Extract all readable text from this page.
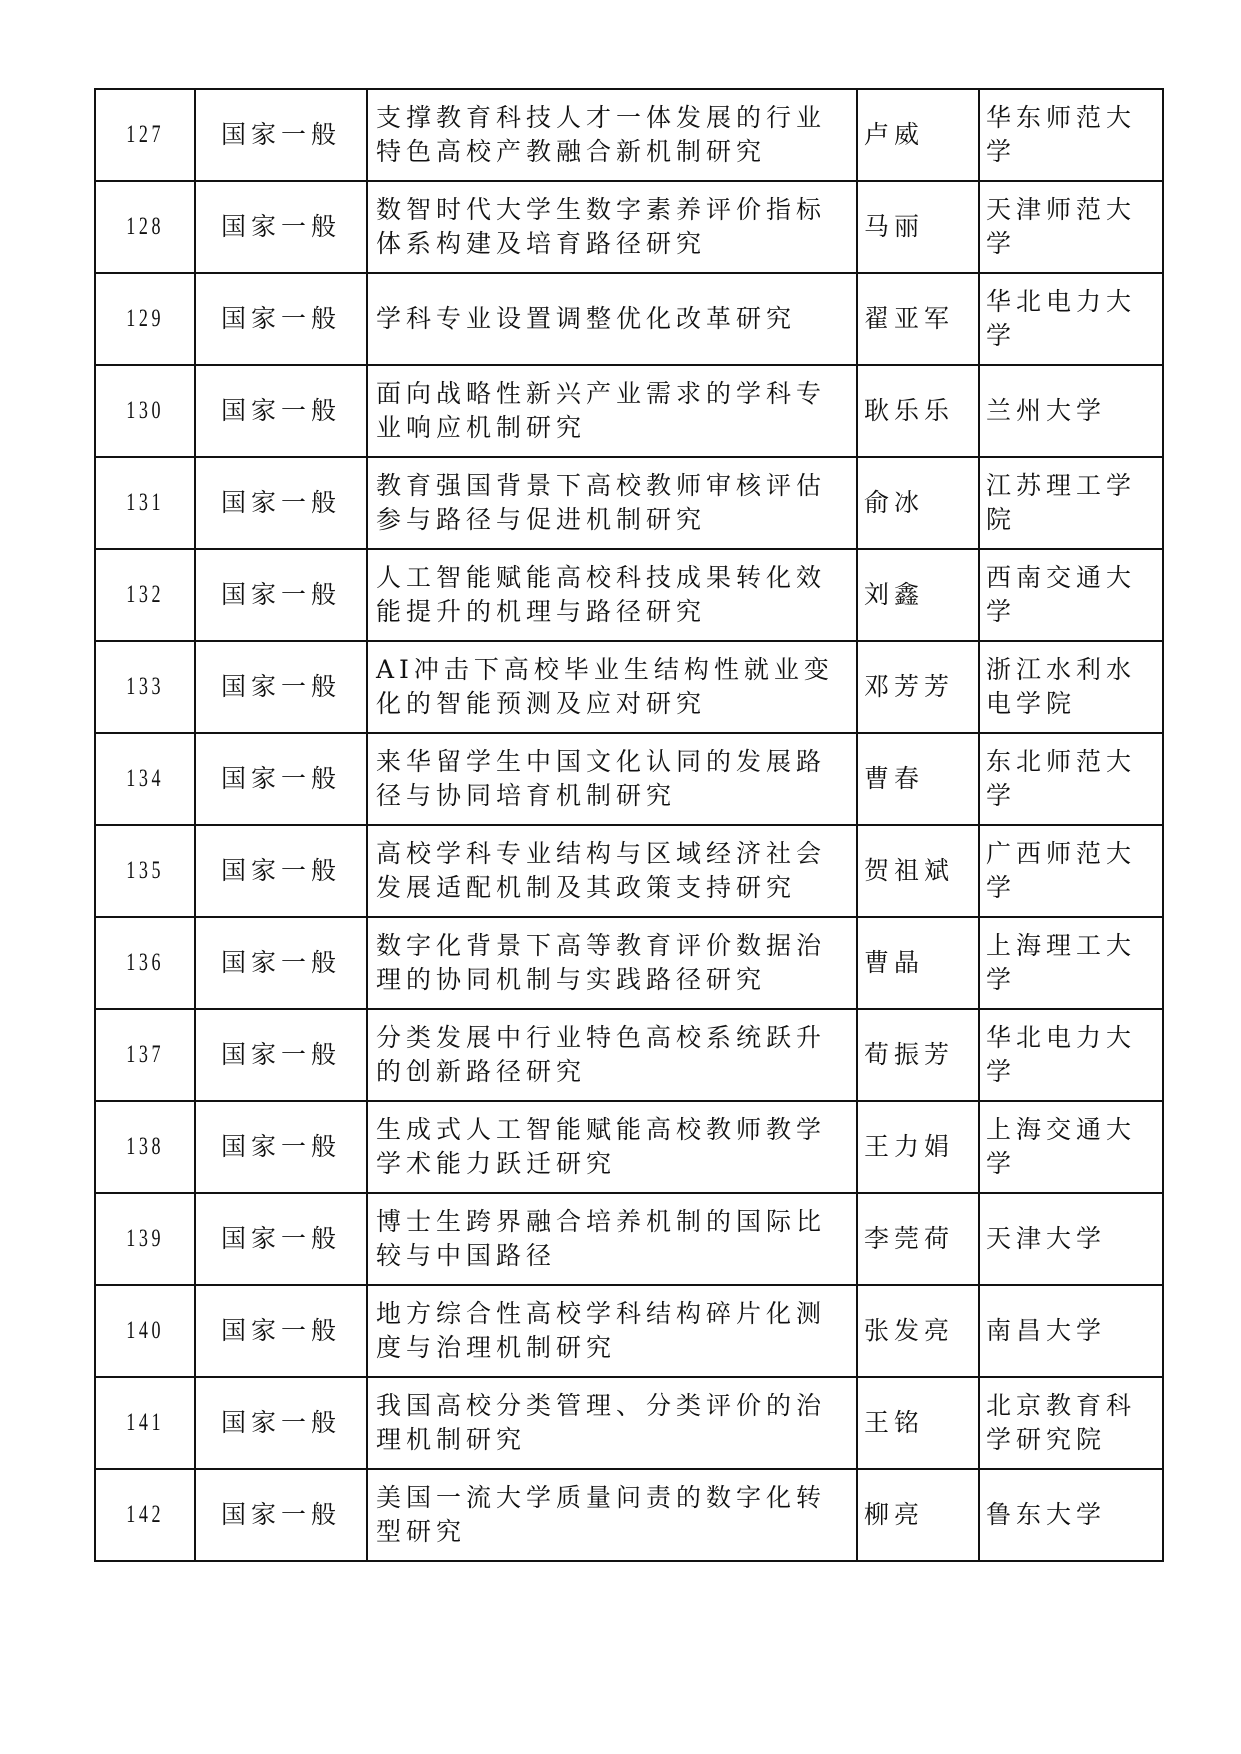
127	国家一般	支撑教育科技人才一体发展的行业特色高校产教融合新机制研究	卢威	华东师范大学
128	国家一般	数智时代大学生数字素养评价指标体系构建及培育路径研究	马丽	天津师范大学
129	国家一般	学科专业设置调整优化改革研究	翟亚军	华北电力大学
130	国家一般	面向战略性新兴产业需求的学科专业响应机制研究	耿乐乐	兰州大学
131	国家一般	教育强国背景下高校教师审核评估参与路径与促进机制研究	俞冰	江苏理工学院
132	国家一般	人工智能赋能高校科技成果转化效能提升的机理与路径研究	刘鑫	西南交通大学
133	国家一般	AI冲击下高校毕业生结构性就业变化的智能预测及应对研究	邓芳芳	浙江水利水电学院
134	国家一般	来华留学生中国文化认同的发展路径与协同培育机制研究	曹春	东北师范大学
135	国家一般	高校学科专业结构与区域经济社会发展适配机制及其政策支持研究	贺祖斌	广西师范大学
136	国家一般	数字化背景下高等教育评价数据治理的协同机制与实践路径研究	曹晶	上海理工大学
137	国家一般	分类发展中行业特色高校系统跃升的创新路径研究	荀振芳	华北电力大学
138	国家一般	生成式人工智能赋能高校教师教学学术能力跃迁研究	王力娟	上海交通大学
139	国家一般	博士生跨界融合培养机制的国际比较与中国路径	李莞荷	天津大学
140	国家一般	地方综合性高校学科结构碎片化测度与治理机制研究	张发亮	南昌大学
141	国家一般	我国高校分类管理、分类评价的治理机制研究	王铭	北京教育科学研究院
142	国家一般	美国一流大学质量问责的数字化转型研究	柳亮	鲁东大学
